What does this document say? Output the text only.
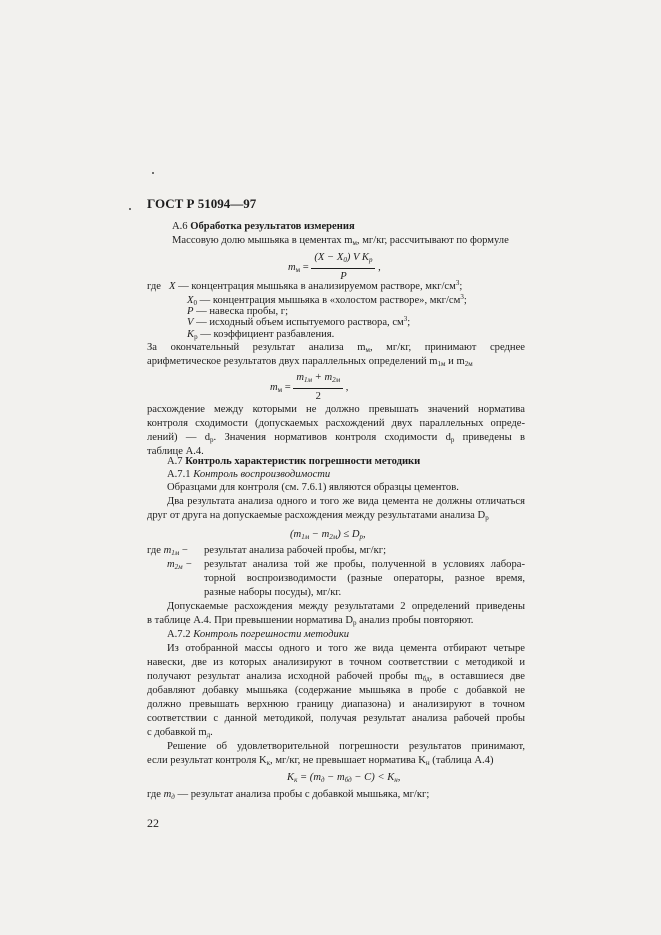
ГОСТ Р 51094—97
А.6 Обработка результатов измерения
Массовую долю мышьяка в цементах $m_м$, мг/кг, рассчитывают по формуле
$m_м = \frac{(X - X_0) V K_p}{P}$ ,
где X — концентрация мышьяка в анализируемом растворе, мкг/$см^3$;
$X_0$ — концентрация мышьяка в «холостом растворе», мкг/$см^3$;
P — навеска пробы, г;
V — исходный объем испытуемого раствора, $см^3$;
$K_p$ — коэффициент разбавления.
За окончательный результат анализа $m_м$, мг/кг, принимают среднее
арифметическое результатов двух параллельных определений $m_{1м}$ и $m_{2м}$
$m_м = \frac{m_{1м} + m_{2м}}{2}$ ,
расхождение между которыми не должно превышать значений норматива
контроля сходимости (допускаемых расхождений двух параллельных опреде-
лений) — $d_p$. Значения нормативов контроля сходимости $d_p$ приведены в
таблице А.4.
А.7 Контроль характеристик погрешности методики
А.7.1 Контроль воспроизводимости
Образцами для контроля (см. 7.6.1) являются образцы цементов.
Два результата анализа одного и того же вида цемента не должны отличаться
друг от друга на допускаемые расхождения между результатами анализа $D_p$
$(m_{1м} - m_{2м}) \le D_p$,
где $m_{1м}$ − результат анализа рабочей пробы, мг/кг;
$m_{2м}$ − результат анализа той же пробы, полученной в условиях лабора-
торной воспроизводимости (разные операторы, разное время,
разные наборы посуды), мг/кг.
Допускаемые расхождения между результатами 2 определений приведены
в таблице А.4. При превышении норматива $D_p$ анализ пробы повторяют.
А.7.2 Контроль погрешности методики
Из отобранной массы одного и того же вида цемента отбирают четыре
навески, две из которых анализируют в точном соответствии с методикой и
получают результат анализа исходной рабочей пробы $m_{бд}$, в оставшиеся две
добавляют добавку мышьяка (содержание мышьяка в пробе с добавкой не
должно превышать верхнюю границу диапазона) и анализируют в точном
соответствии с данной методикой, получая результат анализа рабочей пробы
с добавкой $m_д$.
Решение об удовлетворительной погрешности результатов принимают,
если результат контроля $K_к$, мг/кг, не превышает норматива $K_н$ (таблица А.4)
$K_к = (m_д - m_{бд} - C) < K_н$,
где $m_д$ — результат анализа пробы с добавкой мышьяка, мг/кг;
22
